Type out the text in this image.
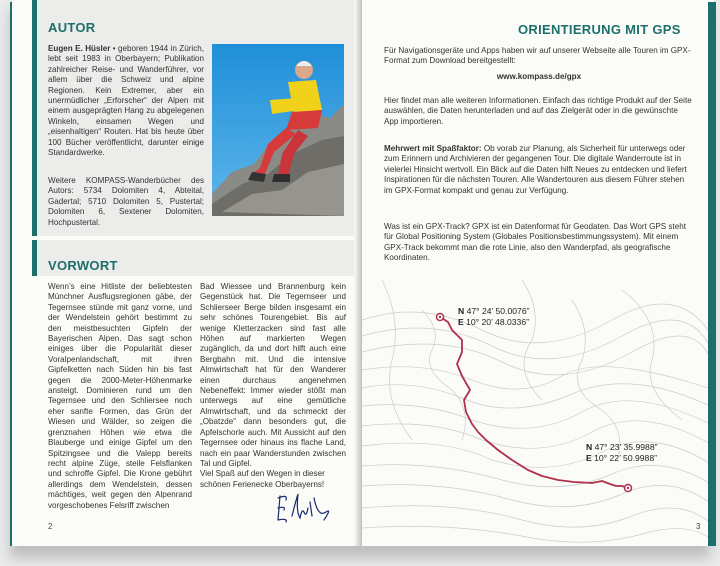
AUTOR
Eugen E. Hüsler • geboren 1944 in Zürich, lebt seit 1983 in Oberbayern; Publikation zahlreicher Reise- und Wanderführer, vor allem über die Schweiz und alpine Regionen. Kein Extremer, aber ein unermüdlicher „Erforscher“ der Alpen mit einem ausgeprägten Hang zu abgelegenen Winkeln, einsamen Wegen und „eisenhaltigen“ Routen. Hat bis heute über 100 Bücher veröffentlicht, darunter einige Standardwerke.
Weitere KOMPASS-Wanderbücher des Autors: 5734 Dolomiten 4, Abteital, Gadertal; 5710 Dolomiten 5, Pustertal; Dolomiten 6, Sextener Dolomiten, Hochpustertal.
VORWORT
Wenn’s eine Hitliste der beliebtesten Münchner Ausflugsregionen gäbe, der Tegernsee stünde mit ganz vorne, und der Wendelstein gehört bestimmt zu den meistbesuchten Gipfeln der Bayerischen Alpen. Das sagt schon einiges über die Popularität dieser Voralpenlandschaft, mit ihren Gipfelketten nach Süden hin bis fast gegen die 2000-Meter-Höhenmarke ansteigt. Dominieren rund um den Tegernsee und den Schliersee noch eher sanfte Formen, das Grün der Wiesen und Wälder, so zeigen die grenznahen Höhen wie etwa die Blauberge und einige Gipfel um den Spitzingsee und die Valepp bereits recht alpine Züge, steile Felsflanken und schroffe Gipfel. Die Krone gebührt allerdings dem Wendelstein, dessen mächtiges, weit gegen den Alpenrand vorgeschobenes Felsriff zwischen
Bad Wiessee und Brannenburg kein Gegenstück hat. Die Tegernseer und Schlierseer Berge bilden insgesamt ein sehr schönes Tourengebiet. Bis auf wenige Kletterzacken sind fast alle Höhen auf markierten Wegen zugänglich, da und dort hilft auch eine Bergbahn mit. Und die intensive Almwirtschaft hat für den Wanderer einen durchaus angenehmen Nebeneffekt: Immer wieder stößt man unterwegs auf eine gemütliche Almwirtschaft, und da schmeckt der „Obatzde“ dann besonders gut, die Apfelschorle auch. Mit Aussicht auf den Tegernsee oder hinaus ins flache Land, nach ein paar Wanderstunden zwischen Tal und Gipfel.
Viel Spaß auf den Wegen in dieser schönen Ferienecke Oberbayerns!
2
ORIENTIERUNG MIT GPS
Für Navigationsgeräte und Apps haben wir auf unserer Webseite alle Touren im GPX-Format zum Download bereitgestellt:
www.kompass.de/gpx
Hier findet man alle weiteren Informationen. Einfach das richtige Produkt auf der Seite auswählen, die Daten herunterladen und auf das Zielgerät oder in die gewünschte App importieren.
Mehrwert mit Spaßfaktor: Ob vorab zur Planung, als Sicherheit für unterwegs oder zum Erinnern und Archivieren der gegangenen Tour. Die digitale Wanderroute ist in vielerlei Hinsicht wertvoll. Ein Blick auf die Daten hilft Neues zu entdecken und liefert Inspirationen für die nächsten Touren. Alle Wandertouren aus diesem Führer stehen im GPX-Format kompakt und genau zur Verfügung.
Was ist ein GPX-Track? GPX ist ein Datenformat für Geodaten. Das Wort GPS steht für Global Positioning System (Globales Positionsbestimmungssystem). Mit einem GPX-Track bekommt man die rote Linie, also den Wanderpfad, als geografische Koordinaten.
N 47° 24’ 50.0076”
E 10° 20’ 48.0336”
N 47° 23’ 35.9988”
E 10° 22’ 50.9988”
3
